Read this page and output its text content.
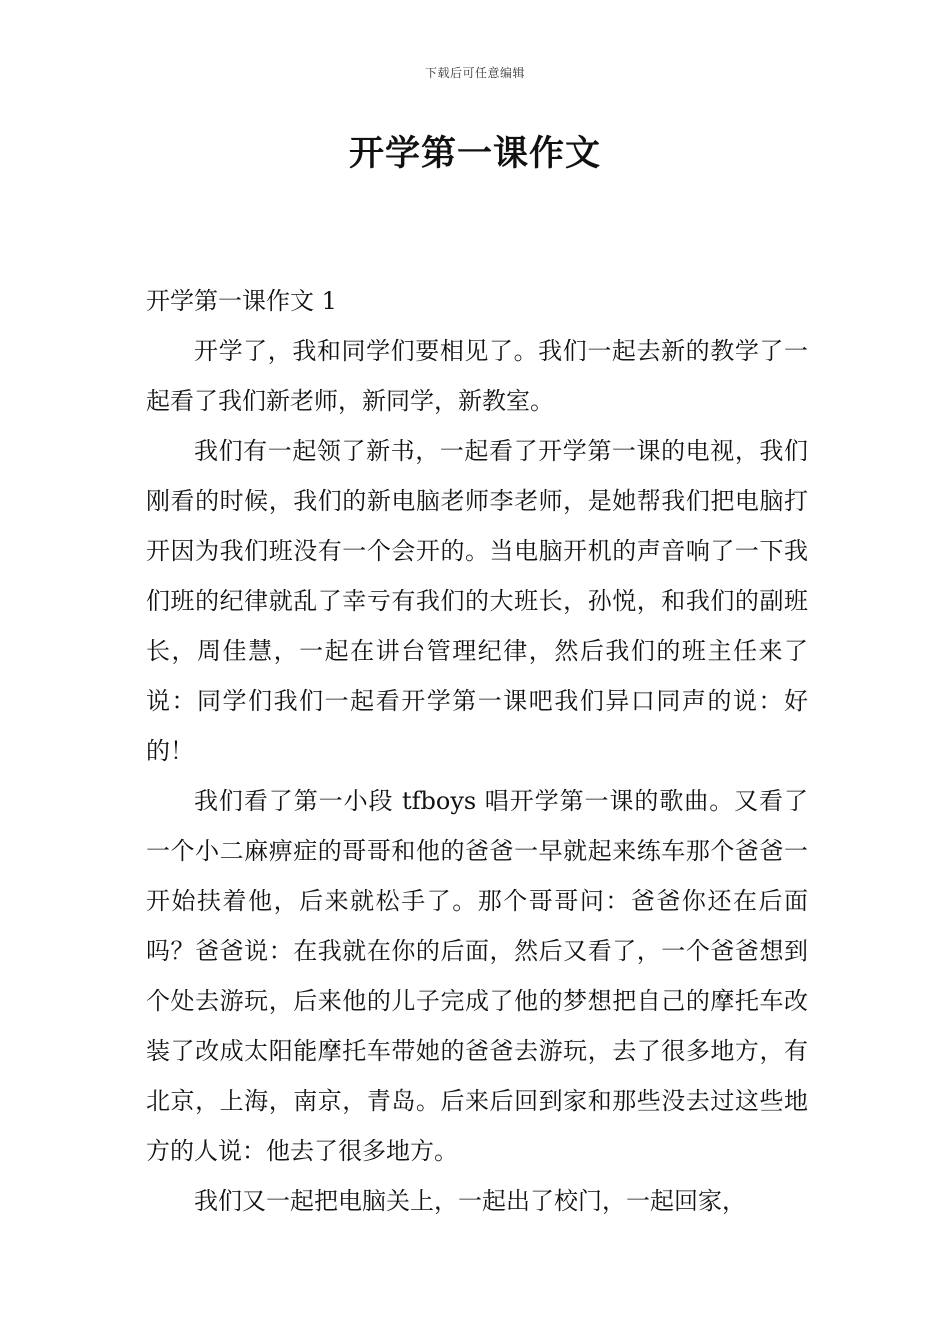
下载后可任意编辑
开学第一课作文

开学第一课作文 1

开学了，我和同学们要相见了。我们一起去新的教学了一起看了我们新老师，新同学，新教室。

我们有一起领了新书，一起看了开学第一课的电视，我们刚看的时候，我们的新电脑老师李老师，是她帮我们把电脑打开因为我们班没有一个会开的。当电脑开机的声音响了一下我们班的纪律就乱了幸亏有我们的大班长，孙悦，和我们的副班长，周佳慧，一起在讲台管理纪律，然后我们的班主任来了说：同学们我们一起看开学第一课吧我们异口同声的说：好的！

我们看了第一小段 tfboys 唱开学第一课的歌曲。又看了一个小二麻痹症的哥哥和他的爸爸一早就起来练车那个爸爸一开始扶着他，后来就松手了。那个哥哥问：爸爸你还在后面吗？爸爸说：在我就在你的后面，然后又看了，一个爸爸想到个处去游玩，后来他的儿子完成了他的梦想把自己的摩托车改装了改成太阳能摩托车带她的爸爸去游玩，去了很多地方，有北京，上海，南京，青岛。后来后回到家和那些没去过这些地方的人说：他去了很多地方。

我们又一起把电脑关上，一起出了校门，一起回家，
